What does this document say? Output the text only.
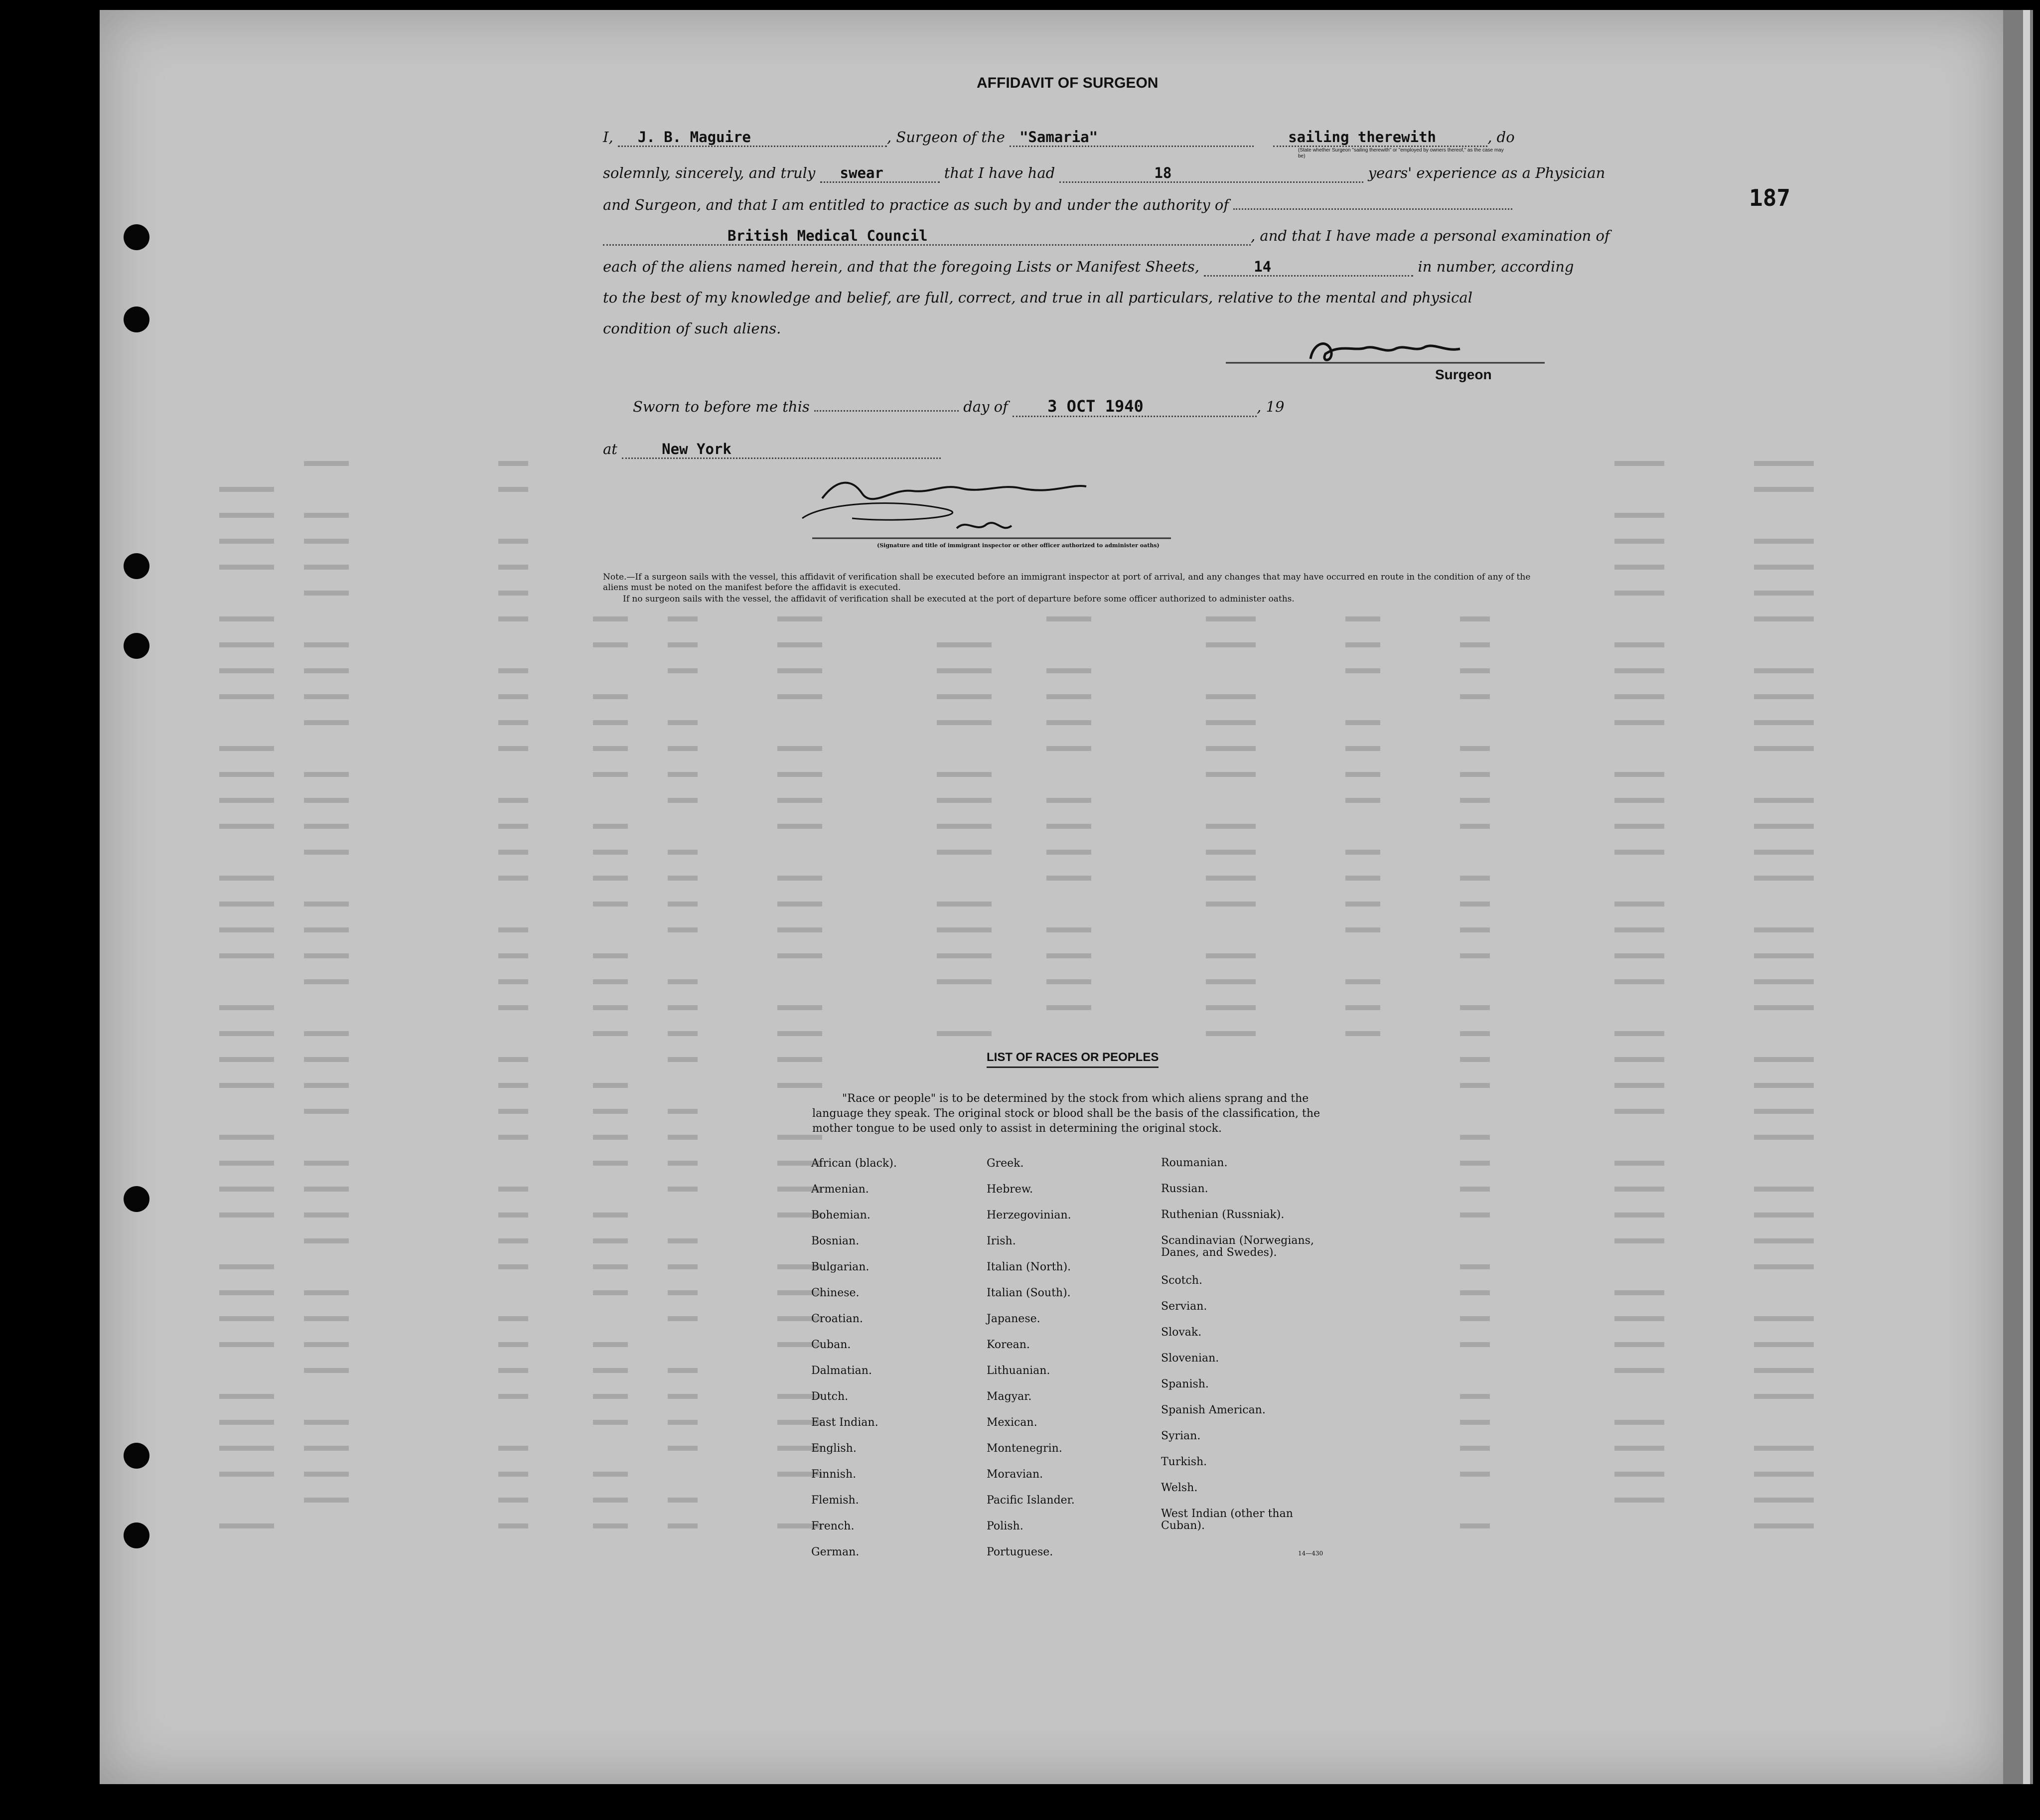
187
AFFIDAVIT OF SURGEON
I, J. B. Maguire	, Surgeon of the "Samaria"	sailing therewith	, do
(State whether Surgeon "sailing therewith" or "employed by owners thereof," as the case may be)
solemnly, sincerely, and truly swear	that I have had	18	years' experience as a Physician
and Surgeon, and that I am entitled to practice as such by and under the authority of
British Medical Council	, and that I have made a personal examination of
each of the aliens named herein, and that the foregoing Lists or Manifest Sheets,	14	in number, according
to the best of my knowledge and belief, are full, correct, and true in all particulars, relative to the mental and physical
condition of such aliens.
Surgeon
Sworn to before me this	day of 3 OCT 1940	, 19
at	New York
(Signature and title of immigrant inspector or other officer authorized to administer oaths)
Note.—If a surgeon sails with the vessel, this affidavit of verification shall be executed before an immigrant inspector at port of arrival, and any changes that may have occurred en route in the condition of any of the aliens must be noted on the manifest before the affidavit is executed.
If no surgeon sails with the vessel, the affidavit of verification shall be executed at the port of departure before some officer authorized to administer oaths.
LIST OF RACES OR PEOPLES
"Race or people" is to be determined by the stock from which aliens sprang and the language they speak. The original stock or blood shall be the basis of the classification, the mother tongue to be used only to assist in determining the original stock.
African (black).
Armenian.
Bohemian.
Bosnian.
Bulgarian.
Chinese.
Croatian.
Cuban.
Dalmatian.
Dutch.
East Indian.
English.
Finnish.
Flemish.
French.
German.
Greek.
Hebrew.
Herzegovinian.
Irish.
Italian (North).
Italian (South).
Japanese.
Korean.
Lithuanian.
Magyar.
Mexican.
Montenegrin.
Moravian.
Pacific Islander.
Polish.
Portuguese.
Roumanian.
Russian.
Ruthenian (Russniak).
Scandinavian (Norwegians, Danes, and Swedes).
Scotch.
Servian.
Slovak.
Slovenian.
Spanish.
Spanish American.
Syrian.
Turkish.
Welsh.
West Indian (other than Cuban).
14—430
